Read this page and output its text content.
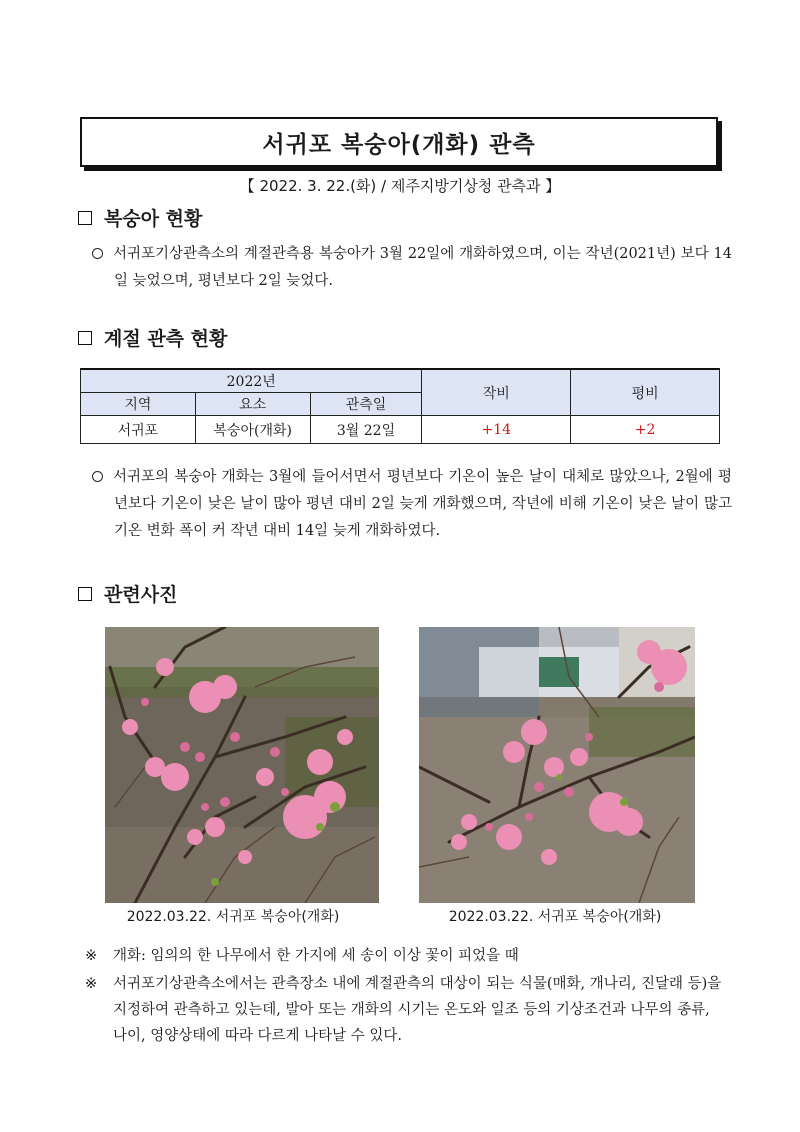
서귀포 복숭아(개화) 관측
【 2022. 3. 22.(화) / 제주지방기상청 관측과 】
복숭아 현황
서귀포기상관측소의 계절관측용 복숭아가 3월 22일에 개화하였으며, 이는 작년(2021년) 보다 14일 늦었으며, 평년보다 2일 늦었다.
계절 관측 현황
2022년			작비	평비
지역	요소	관측일		
서귀포	복숭아(개화)	3월 22일	+14	+2
서귀포의 복숭아 개화는 3월에 들어서면서 평년보다 기온이 높은 날이 대체로 많았으나, 2월에 평년보다 기온이 낮은 날이 많아 평년 대비 2일 늦게 개화했으며, 작년에 비해 기온이 낮은 날이 많고 기온 변화 폭이 커 작년 대비 14일 늦게 개화하였다.
관련사진
2022.03.22. 서귀포 복숭아(개화)	2022.03.22. 서귀포 복숭아(개화)
※ 개화: 임의의 한 나무에서 한 가지에 세 송이 이상 꽃이 피었을 때
※ 서귀포기상관측소에서는 관측장소 내에 계절관측의 대상이 되는 식물(매화, 개나리, 진달래 등)을 지정하여 관측하고 있는데, 발아 또는 개화의 시기는 온도와 일조 등의 기상조건과 나무의 종류, 나이, 영양상태에 따라 다르게 나타날 수 있다.
